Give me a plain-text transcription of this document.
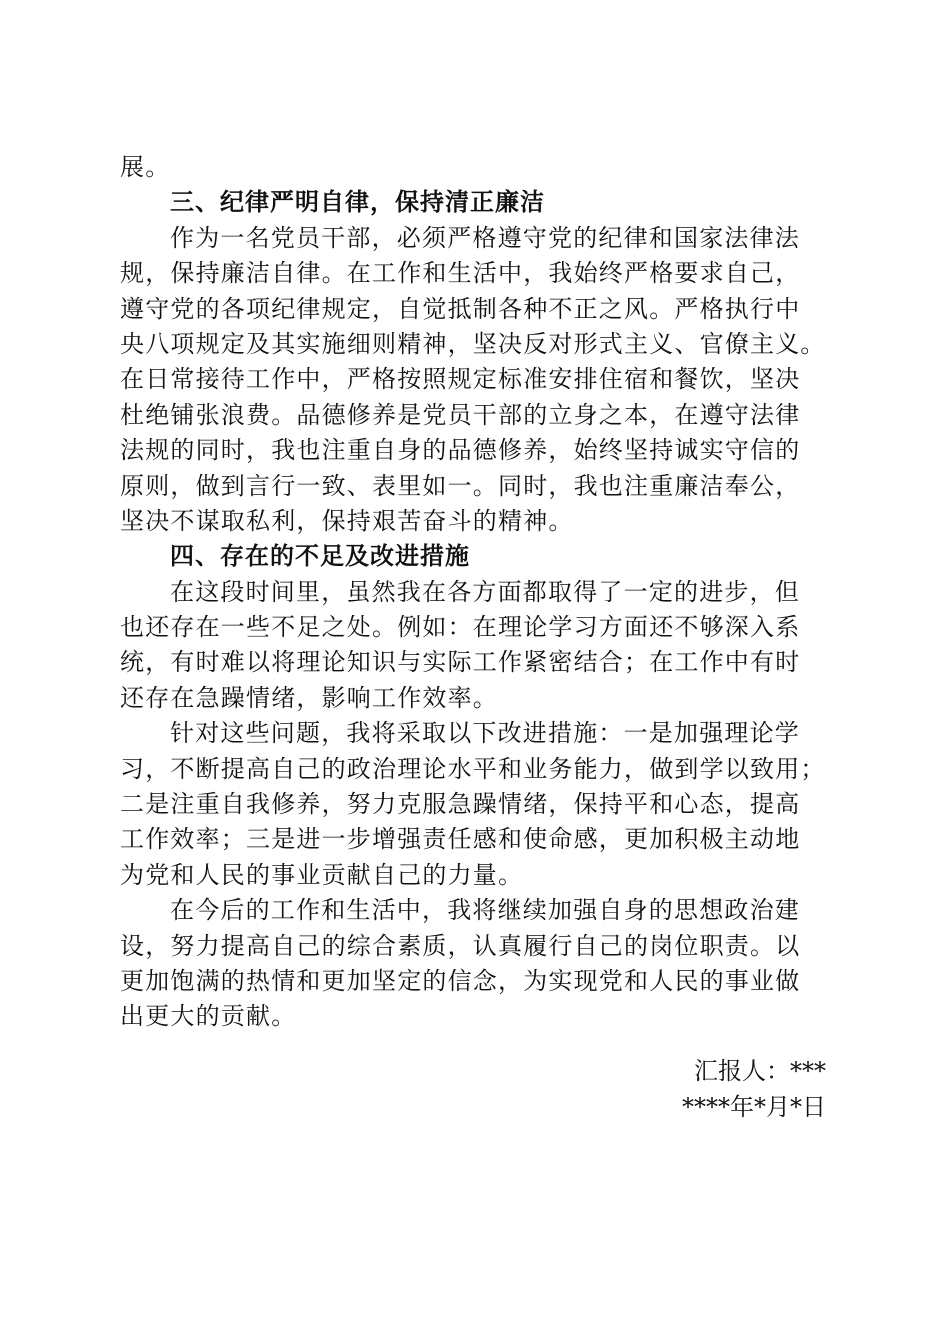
展。
三、纪律严明自律，保持清正廉洁
作为一名党员干部，必须严格遵守党的纪律和国家法律法
规，保持廉洁自律。在工作和生活中，我始终严格要求自己，
遵守党的各项纪律规定，自觉抵制各种不正之风。严格执行中
央八项规定及其实施细则精神，坚决反对形式主义、官僚主义。
在日常接待工作中，严格按照规定标准安排住宿和餐饮，坚决
杜绝铺张浪费。品德修养是党员干部的立身之本，在遵守法律
法规的同时，我也注重自身的品德修养，始终坚持诚实守信的
原则，做到言行一致、表里如一。同时，我也注重廉洁奉公，
坚决不谋取私利，保持艰苦奋斗的精神。
四、存在的不足及改进措施
在这段时间里，虽然我在各方面都取得了一定的进步，但
也还存在一些不足之处。例如：在理论学习方面还不够深入系
统，有时难以将理论知识与实际工作紧密结合；在工作中有时
还存在急躁情绪，影响工作效率。
针对这些问题，我将采取以下改进措施：一是加强理论学
习，不断提高自己的政治理论水平和业务能力，做到学以致用；
二是注重自我修养，努力克服急躁情绪，保持平和心态，提高
工作效率；三是进一步增强责任感和使命感，更加积极主动地
为党和人民的事业贡献自己的力量。
在今后的工作和生活中，我将继续加强自身的思想政治建
设，努力提高自己的综合素质，认真履行自己的岗位职责。以
更加饱满的热情和更加坚定的信念，为实现党和人民的事业做
出更大的贡献。
汇报人：***
****年*月*日
